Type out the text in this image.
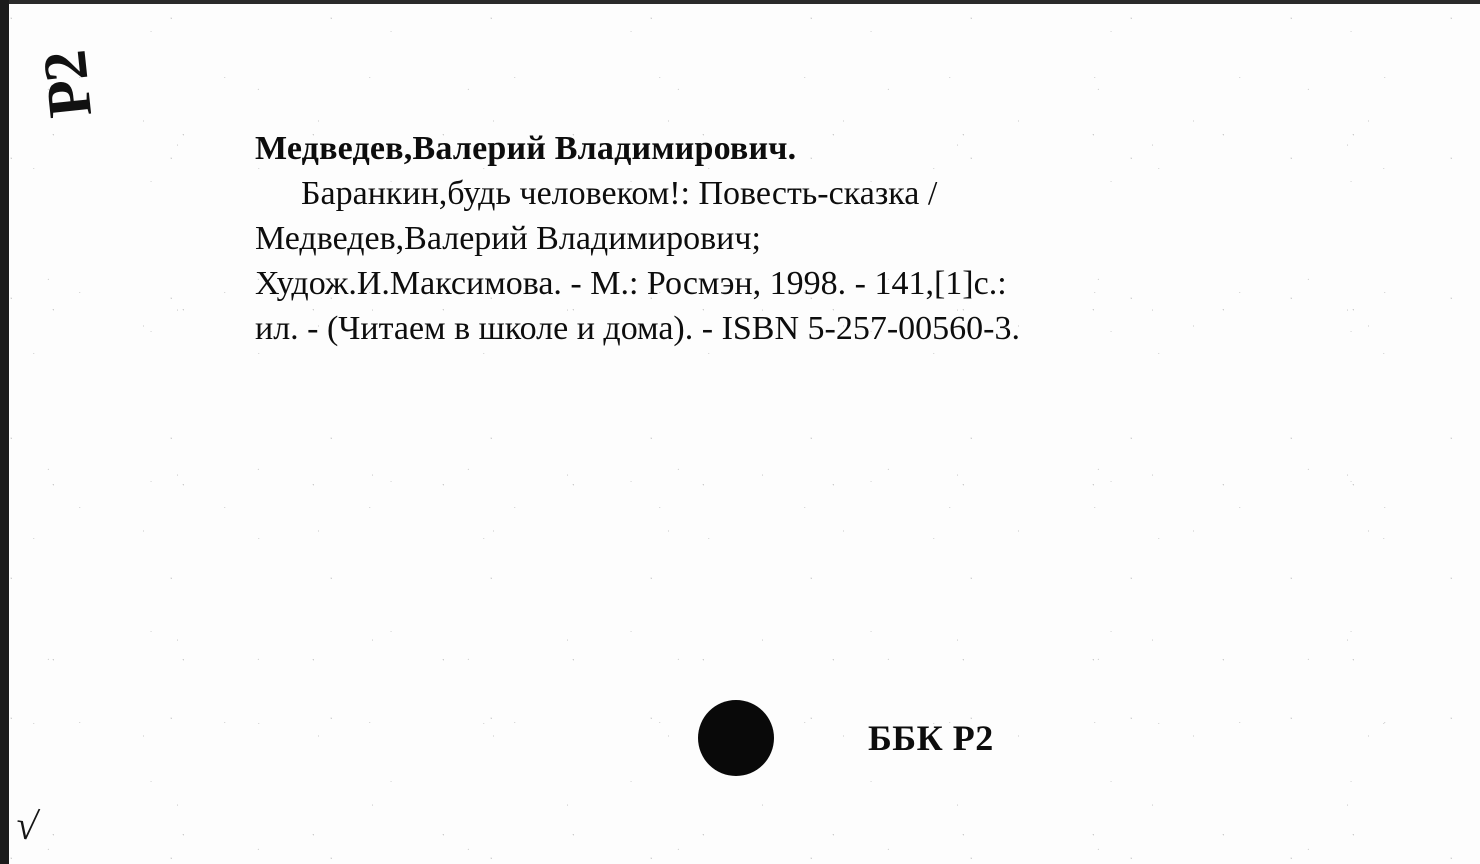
Р2
Медведев,Валерий Владимирович.
Баранкин,будь человеком!: Повесть-сказка /
Медведев,Валерий Владимирович;
Худож.И.Максимова. - М.: Росмэн, 1998. - 141,[1]с.:
ил. - (Читаем в школе и дома). - ISBN 5-257-00560-3.
ББК Р2
√
